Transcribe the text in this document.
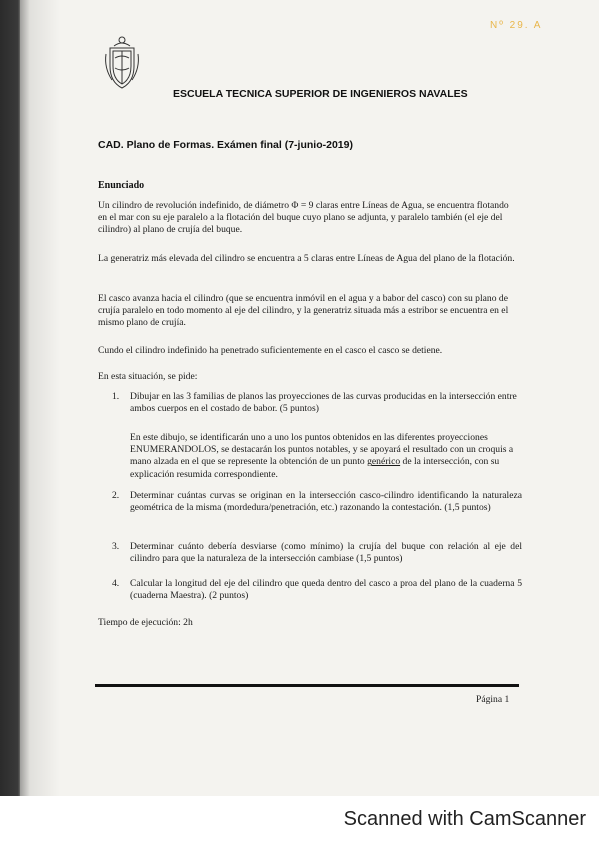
Nº 29. A
ESCUELA TECNICA SUPERIOR DE INGENIEROS NAVALES
CAD. Plano de Formas. Exámen final (7-junio-2019)
Enunciado

Un cilindro de revolución indefinido, de diámetro Φ = 9 claras entre Líneas de Agua, se encuentra flotando en el mar con su eje paralelo a la flotación del buque cuyo plano se adjunta, y paralelo también (el eje del cilindro) al plano de crujía del buque.

La generatriz más elevada del cilindro se encuentra a 5 claras entre Líneas de Agua del plano de la flotación.

El casco avanza hacia el cilindro (que se encuentra inmóvil en el agua y a babor del casco) con su plano de crujía paralelo en todo momento al eje del cilindro, y la generatriz situada más a estribor se encuentra en el mismo plano de crujía.

Cundo el cilindro indefinido ha penetrado suficientemente en el casco el casco se detiene.

En esta situación, se pide:

1.	Dibujar en las 3 familias de planos las proyecciones de las curvas producidas en la intersección entre ambos cuerpos en el costado de babor. (5 puntos)
En este dibujo, se identificarán uno a uno los puntos obtenidos en las diferentes proyecciones ENUMERANDOLOS, se destacarán los puntos notables, y se apoyará el resultado con un croquis a mano alzada en el que se represente la obtención de un punto genérico de la intersección, con su explicación resumida correspondiente.
2.	Determinar cuántas curvas se originan en la intersección casco-cilindro identificando la naturaleza geométrica de la misma (mordedura/penetración, etc.) razonando la contestación. (1,5 puntos)
3.	Determinar cuánto debería desviarse (como mínimo) la crujía del buque con relación al eje del cilindro para que la naturaleza de la intersección cambiase (1,5 puntos)
4.	Calcular la longitud del eje del cilindro que queda dentro del casco a proa del plano de la cuaderna 5 (cuaderna Maestra). (2 puntos)
Tiempo de ejecución: 2h
Página 1
Scanned with CamScanner
